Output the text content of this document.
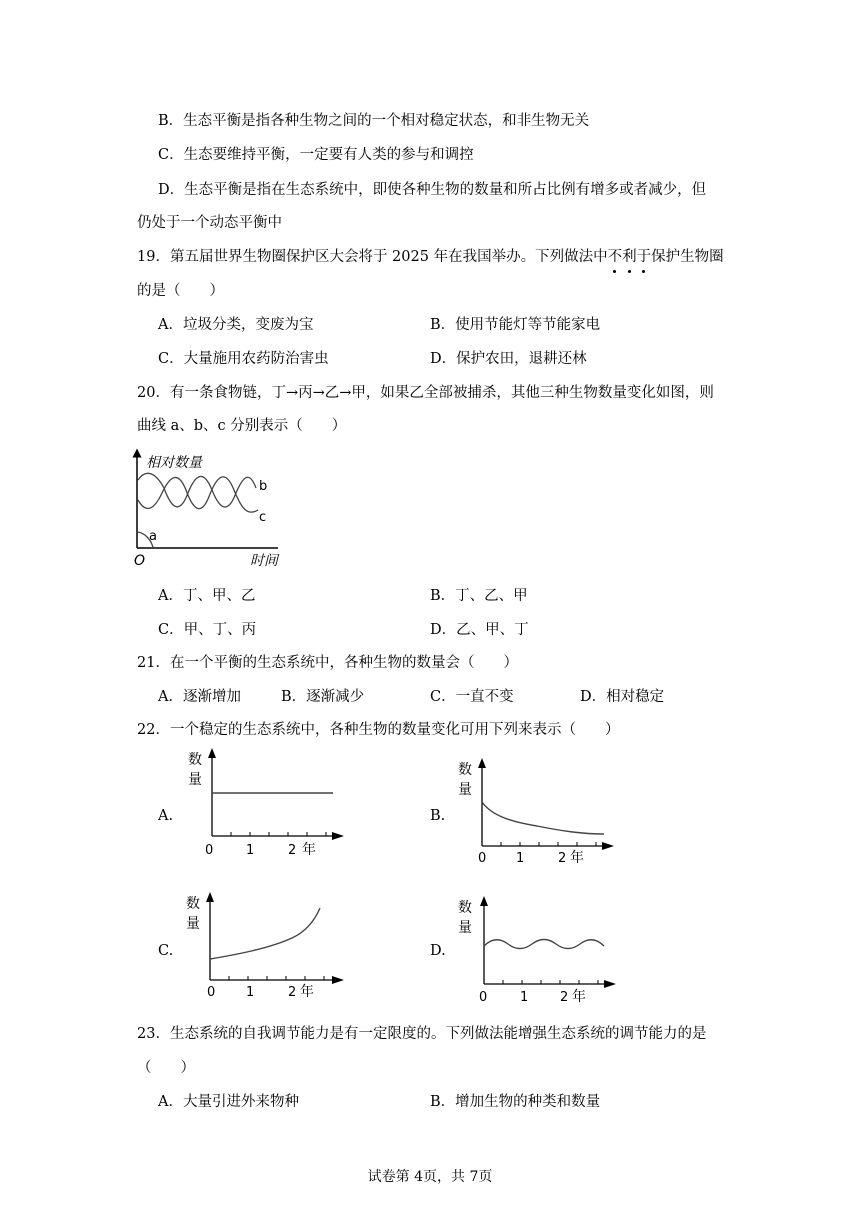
B．生态平衡是指各种生物之间的一个相对稳定状态，和非生物无关
C．生态要维持平衡，一定要有人类的参与和调控
D．生态平衡是指在生态系统中，即使各种生物的数量和所占比例有增多或者减少，但
仍处于一个动态平衡中
19．第五届世界生物圈保护区大会将于 2025 年在我国举办。下列做法中不利于保护生物圈
的是（　　）
A．垃圾分类，变废为宝	B．使用节能灯等节能家电
C．大量施用农药防治害虫	D．保护农田，退耕还林
20．有一条食物链，丁→丙→乙→甲，如果乙全部被捕杀，其他三种生物数量变化如图，则
曲线 a、b、c 分别表示（　　）
相对数量
时间
O
a
b
c
A．丁、甲、乙	B．丁、乙、甲
C．甲、丁、丙	D．乙、甲、丁
21．在一个平衡的生态系统中，各种生物的数量会（　　）
A．逐渐增加	B．逐渐减少	C．一直不变	D．相对稳定
22．一个稳定的生态系统中，各种生物的数量变化可用下列来表示（　　）
A.
数
量
0	1	2 年
B.
数
量
0 1	2 年
C.
数
量
0 1	2 年
D.
数
量
0	1 2 年
23．生态系统的自我调节能力是有一定限度的。下列做法能增强生态系统的调节能力的是
（　　）
A．大量引进外来物种	B．增加生物的种类和数量
试卷第 4页，共 7页
